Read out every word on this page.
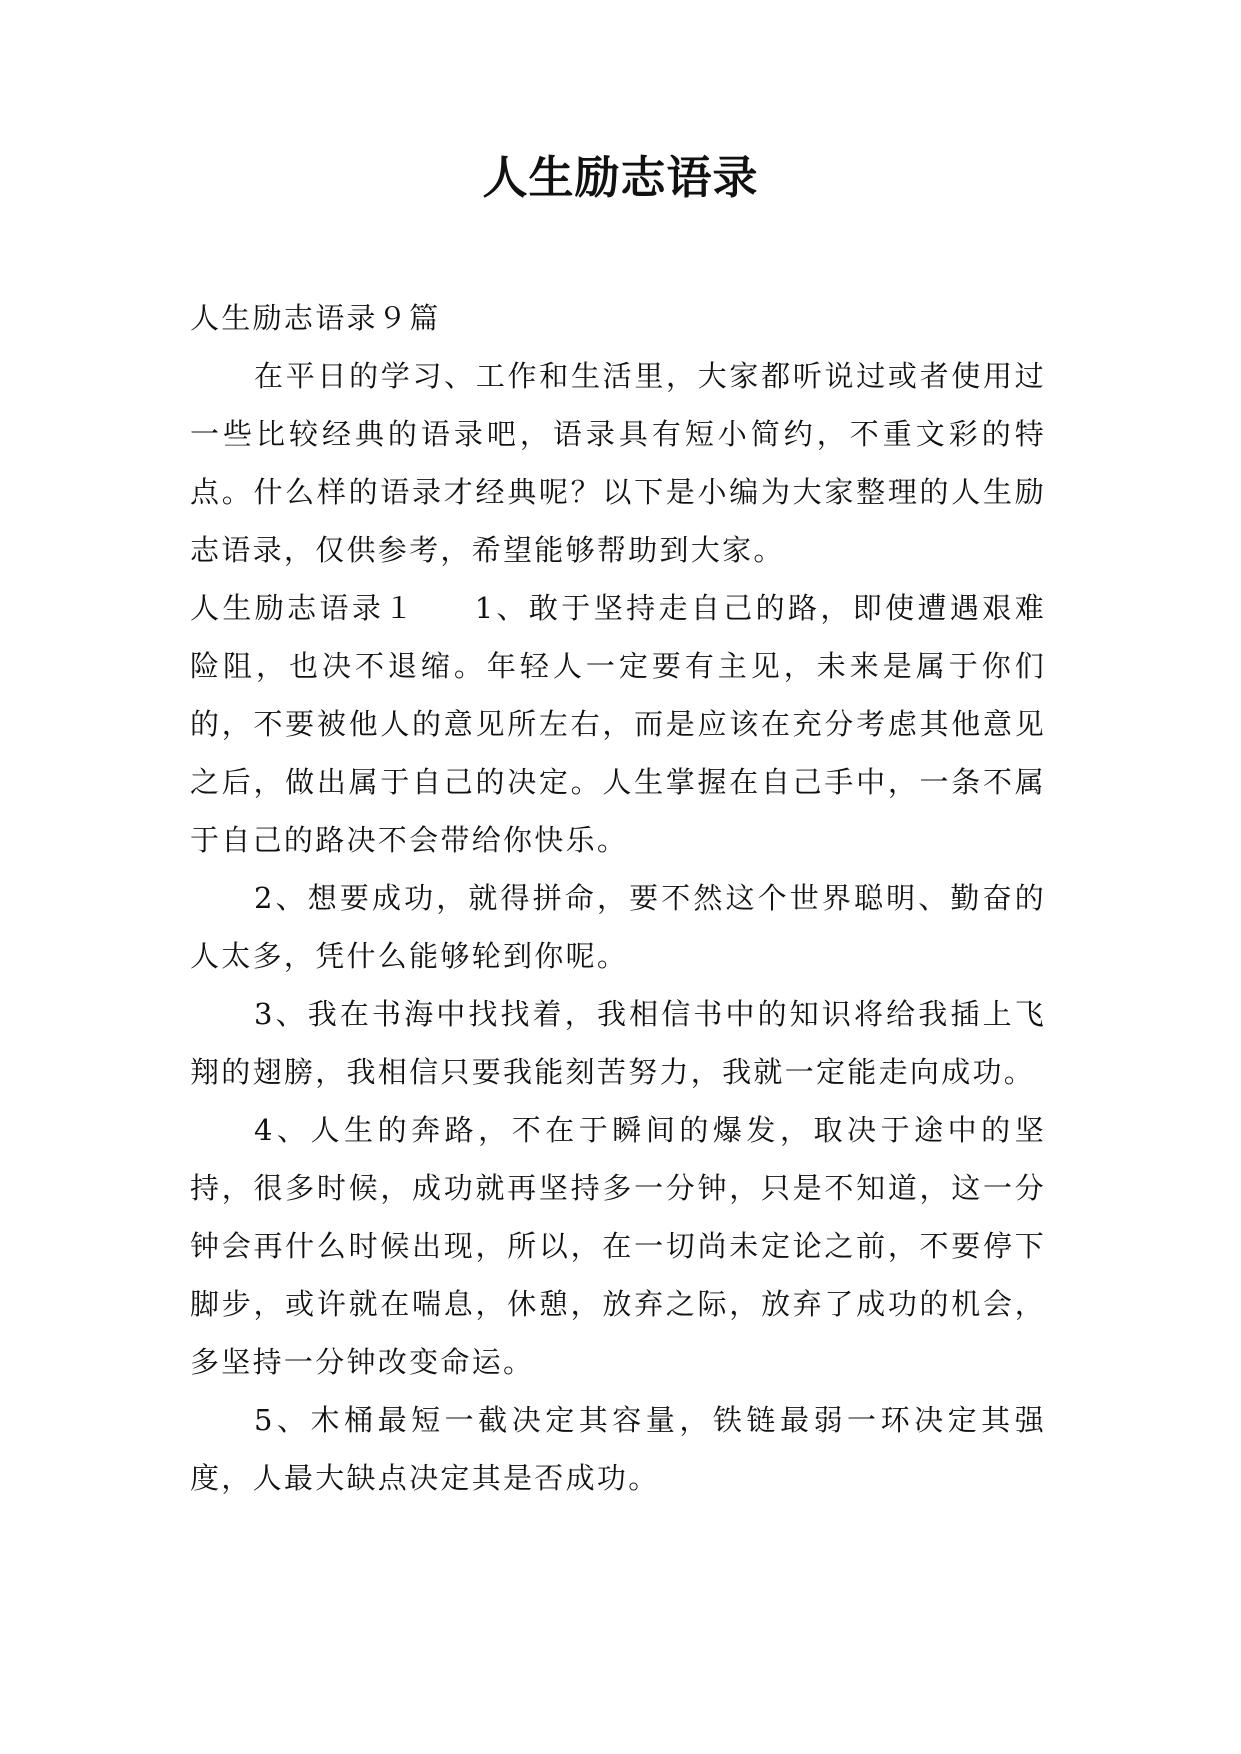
人生励志语录

人生励志语录９篇

在平日的学习、工作和生活里，大家都听说过或者使用过一些比较经典的语录吧，语录具有短小简约，不重文彩的特点。什么样的语录才经典呢？以下是小编为大家整理的人生励志语录，仅供参考，希望能够帮助到大家。

人生励志语录１ 1、敢于坚持走自己的路，即使遭遇艰难险阻，也决不退缩。年轻人一定要有主见，未来是属于你们的，不要被他人的意见所左右，而是应该在充分考虑其他意见之后，做出属于自己的决定。人生掌握在自己手中，一条不属于自己的路决不会带给你快乐。

2、想要成功，就得拼命，要不然这个世界聪明、勤奋的人太多，凭什么能够轮到你呢。

3、我在书海中找找着，我相信书中的知识将给我插上飞翔的翅膀，我相信只要我能刻苦努力，我就一定能走向成功。

4、人生的奔路，不在于瞬间的爆发，取决于途中的坚持，很多时候，成功就再坚持多一分钟，只是不知道，这一分钟会再什么时候出现，所以，在一切尚未定论之前，不要停下脚步，或许就在喘息，休憩，放弃之际，放弃了成功的机会，多坚持一分钟改变命运。

5、木桶最短一截决定其容量，铁链最弱一环决定其强度，人最大缺点决定其是否成功。
